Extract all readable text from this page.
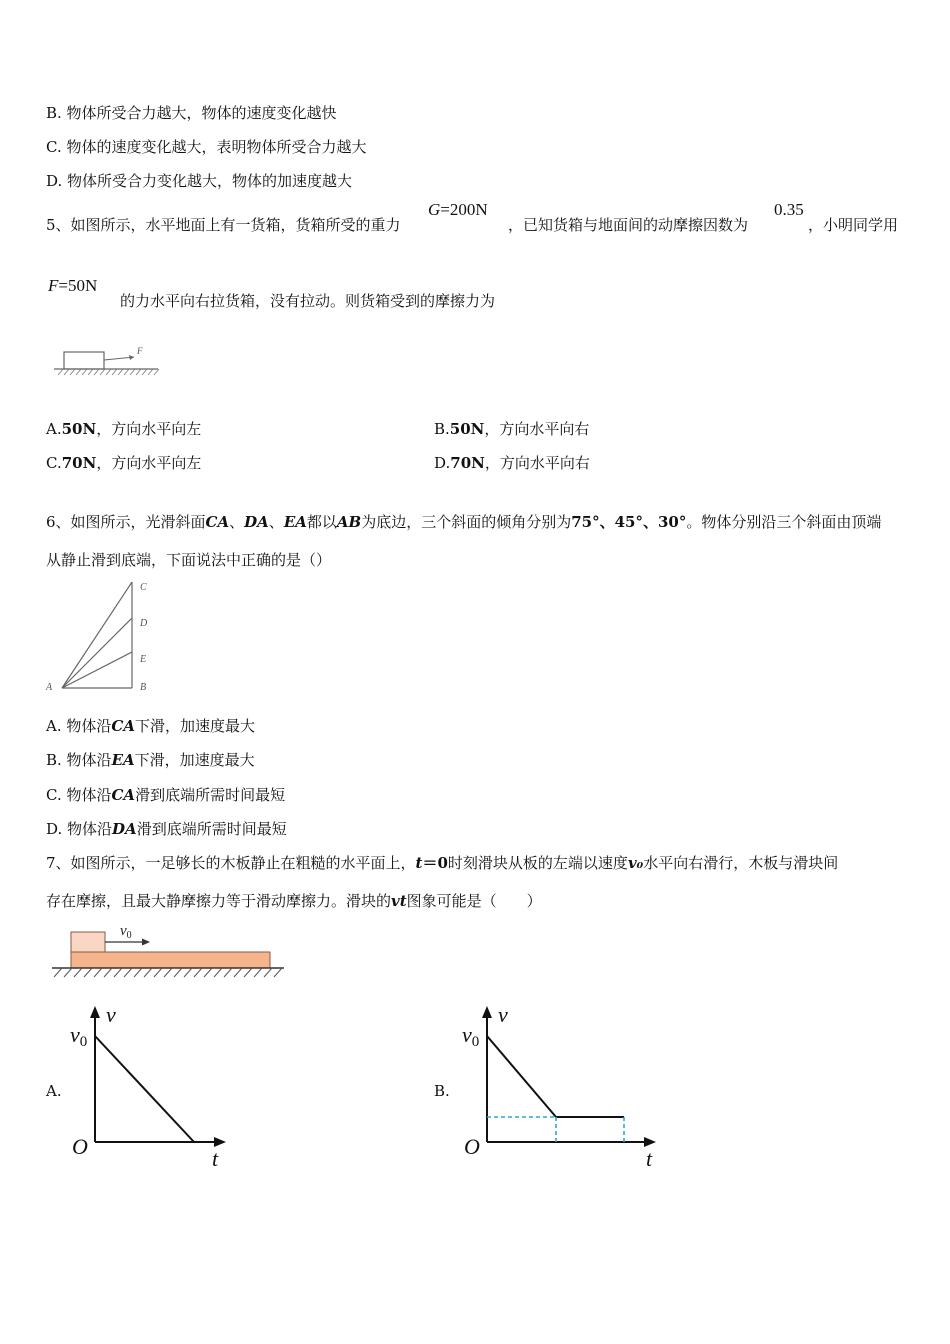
B. 物体所受合力越大，物体的速度变化越快
C. 物体的速度变化越大，表明物体所受合力越大
D. 物体所受合力变化越大，物体的加速度越大
5、如图所示，水平地面上有一货箱，货箱所受的重力
G=200N
，已知货箱与地面间的动摩擦因数为
0.35
，小明同学用
F=50N
的力水平向右拉货箱，没有拉动。则货箱受到的摩擦力为
F
A.50N，方向水平向左	B.50N，方向水平向右
C.70N，方向水平向左	D.70N，方向水平向右
6、如图所示，光滑斜面CA、DA、EA都以AB为底边，三个斜面的倾角分别为75°、45°、30°。物体分别沿三个斜面由顶端
从静止滑到底端，下面说法中正确的是（）
C
D
E
A	B
A. 物体沿CA下滑，加速度最大
B. 物体沿EA下滑，加速度最大
C. 物体沿CA滑到底端所需时间最短
D. 物体沿DA滑到底端所需时间最短
7、如图所示，一足够长的木板静止在粗糙的水平面上，t＝0时刻滑块从板的左端以速度v₀水平向右滑行，木板与滑块间
存在摩擦，且最大静摩擦力等于滑动摩擦力。滑块的vt图象可能是（　　）
$v_0$
A.
v
v0
O	t
B.
v
v0
O	t
